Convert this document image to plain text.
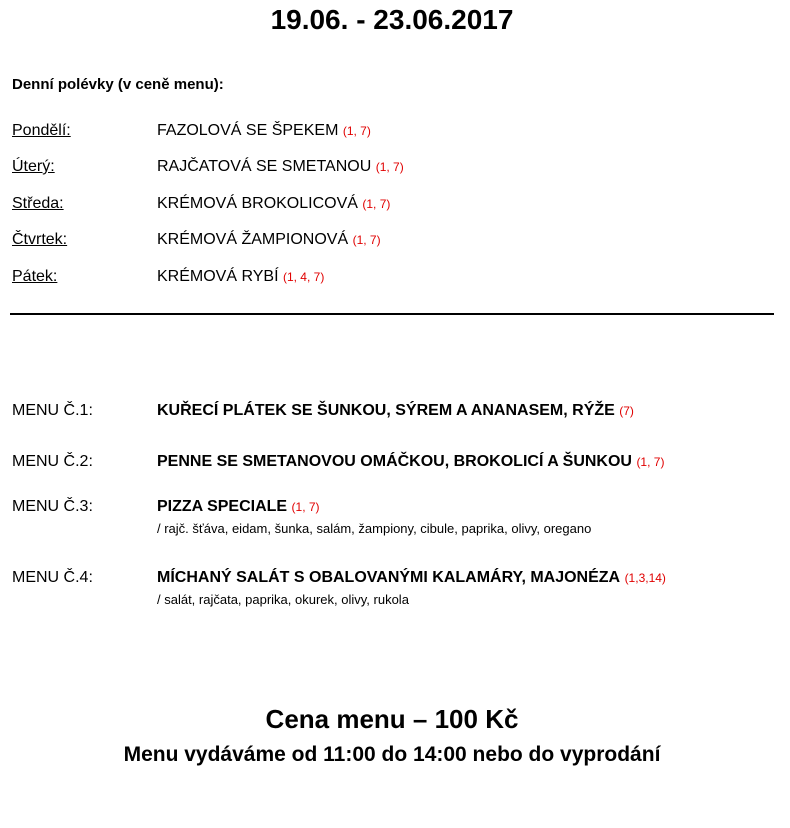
19.06. - 23.06.2017
Denní polévky (v ceně menu):
Pondělí:	FAZOLOVÁ SE ŠPEKEM (1, 7)
Úterý:	RAJČATOVÁ SE SMETANOU (1, 7)
Středa:	KRÉMOVÁ BROKOLICOVÁ (1, 7)
Čtvrtek:	KRÉMOVÁ ŽAMPIONOVÁ (1, 7)
Pátek:	KRÉMOVÁ RYBÍ (1, 4, 7)
MENU Č.1:	KUŘECÍ PLÁTEK SE ŠUNKOU, SÝREM A ANANASEM, RÝŽE (7)
MENU Č.2:	PENNE SE SMETANOVOU OMÁČKOU, BROKOLICÍ A ŠUNKOU (1, 7)
MENU Č.3:	PIZZA SPECIALE (1, 7)
/ rajč. šťáva, eidam, šunka, salám, žampiony, cibule, paprika, olivy, oregano
MENU Č.4:	MÍCHANÝ SALÁT S OBALOVANÝMI KALAMÁRY, MAJONÉZA (1,3,14)
/ salát, rajčata, paprika, okurek, olivy, rukola
Cena menu – 100 Kč
Menu vydáváme od 11:00 do 14:00 nebo do vyprodání
